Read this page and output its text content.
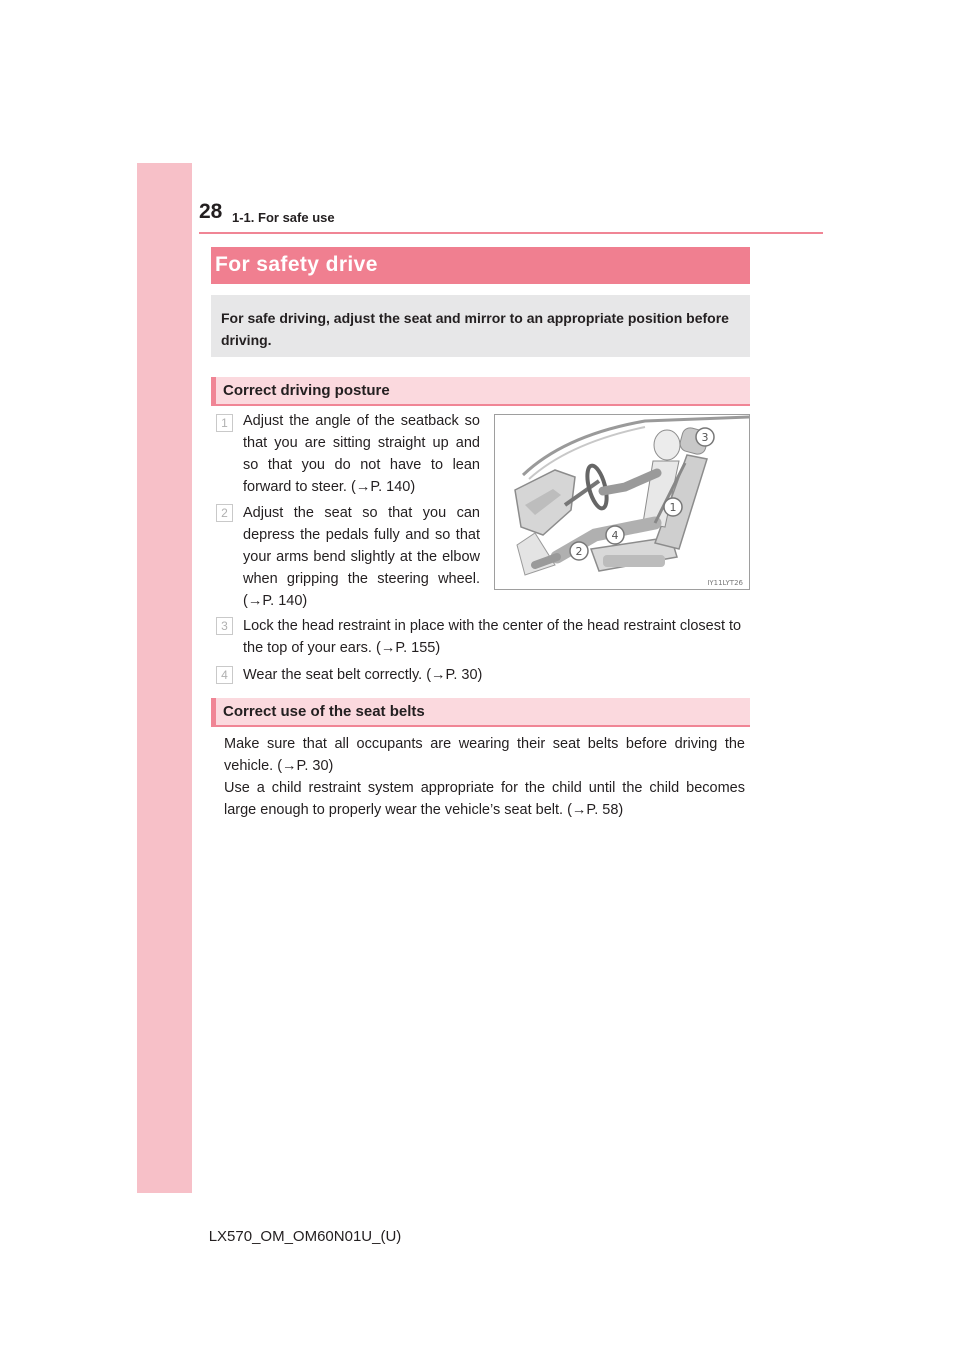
28 1-1. For safe use
For safety drive

For safe driving, adjust the seat and mirror to an appropriate position before driving.

Correct driving posture
1	Adjust the angle of the seatback so that you are sitting straight up and so that you do not have to lean forward to steer. (→P. 140)

2	Adjust the seat so that you can depress the pedals fully and so that your arms bend slightly at the elbow when gripping the steering wheel. (→P. 140)

3
1
4
2
IY11LYT26
3	Lock the head restraint in place with the center of the head restraint closest to the top of your ears. (→P. 155)

4	Wear the seat belt correctly. (→P. 30)

Correct use of the seat belts

Make sure that all occupants are wearing their seat belts before driving the vehicle. (→P. 30)

Use a child restraint system appropriate for the child until the child becomes large enough to properly wear the vehicle’s seat belt. (→P. 58)

LX570_OM_OM60N01U_(U)
